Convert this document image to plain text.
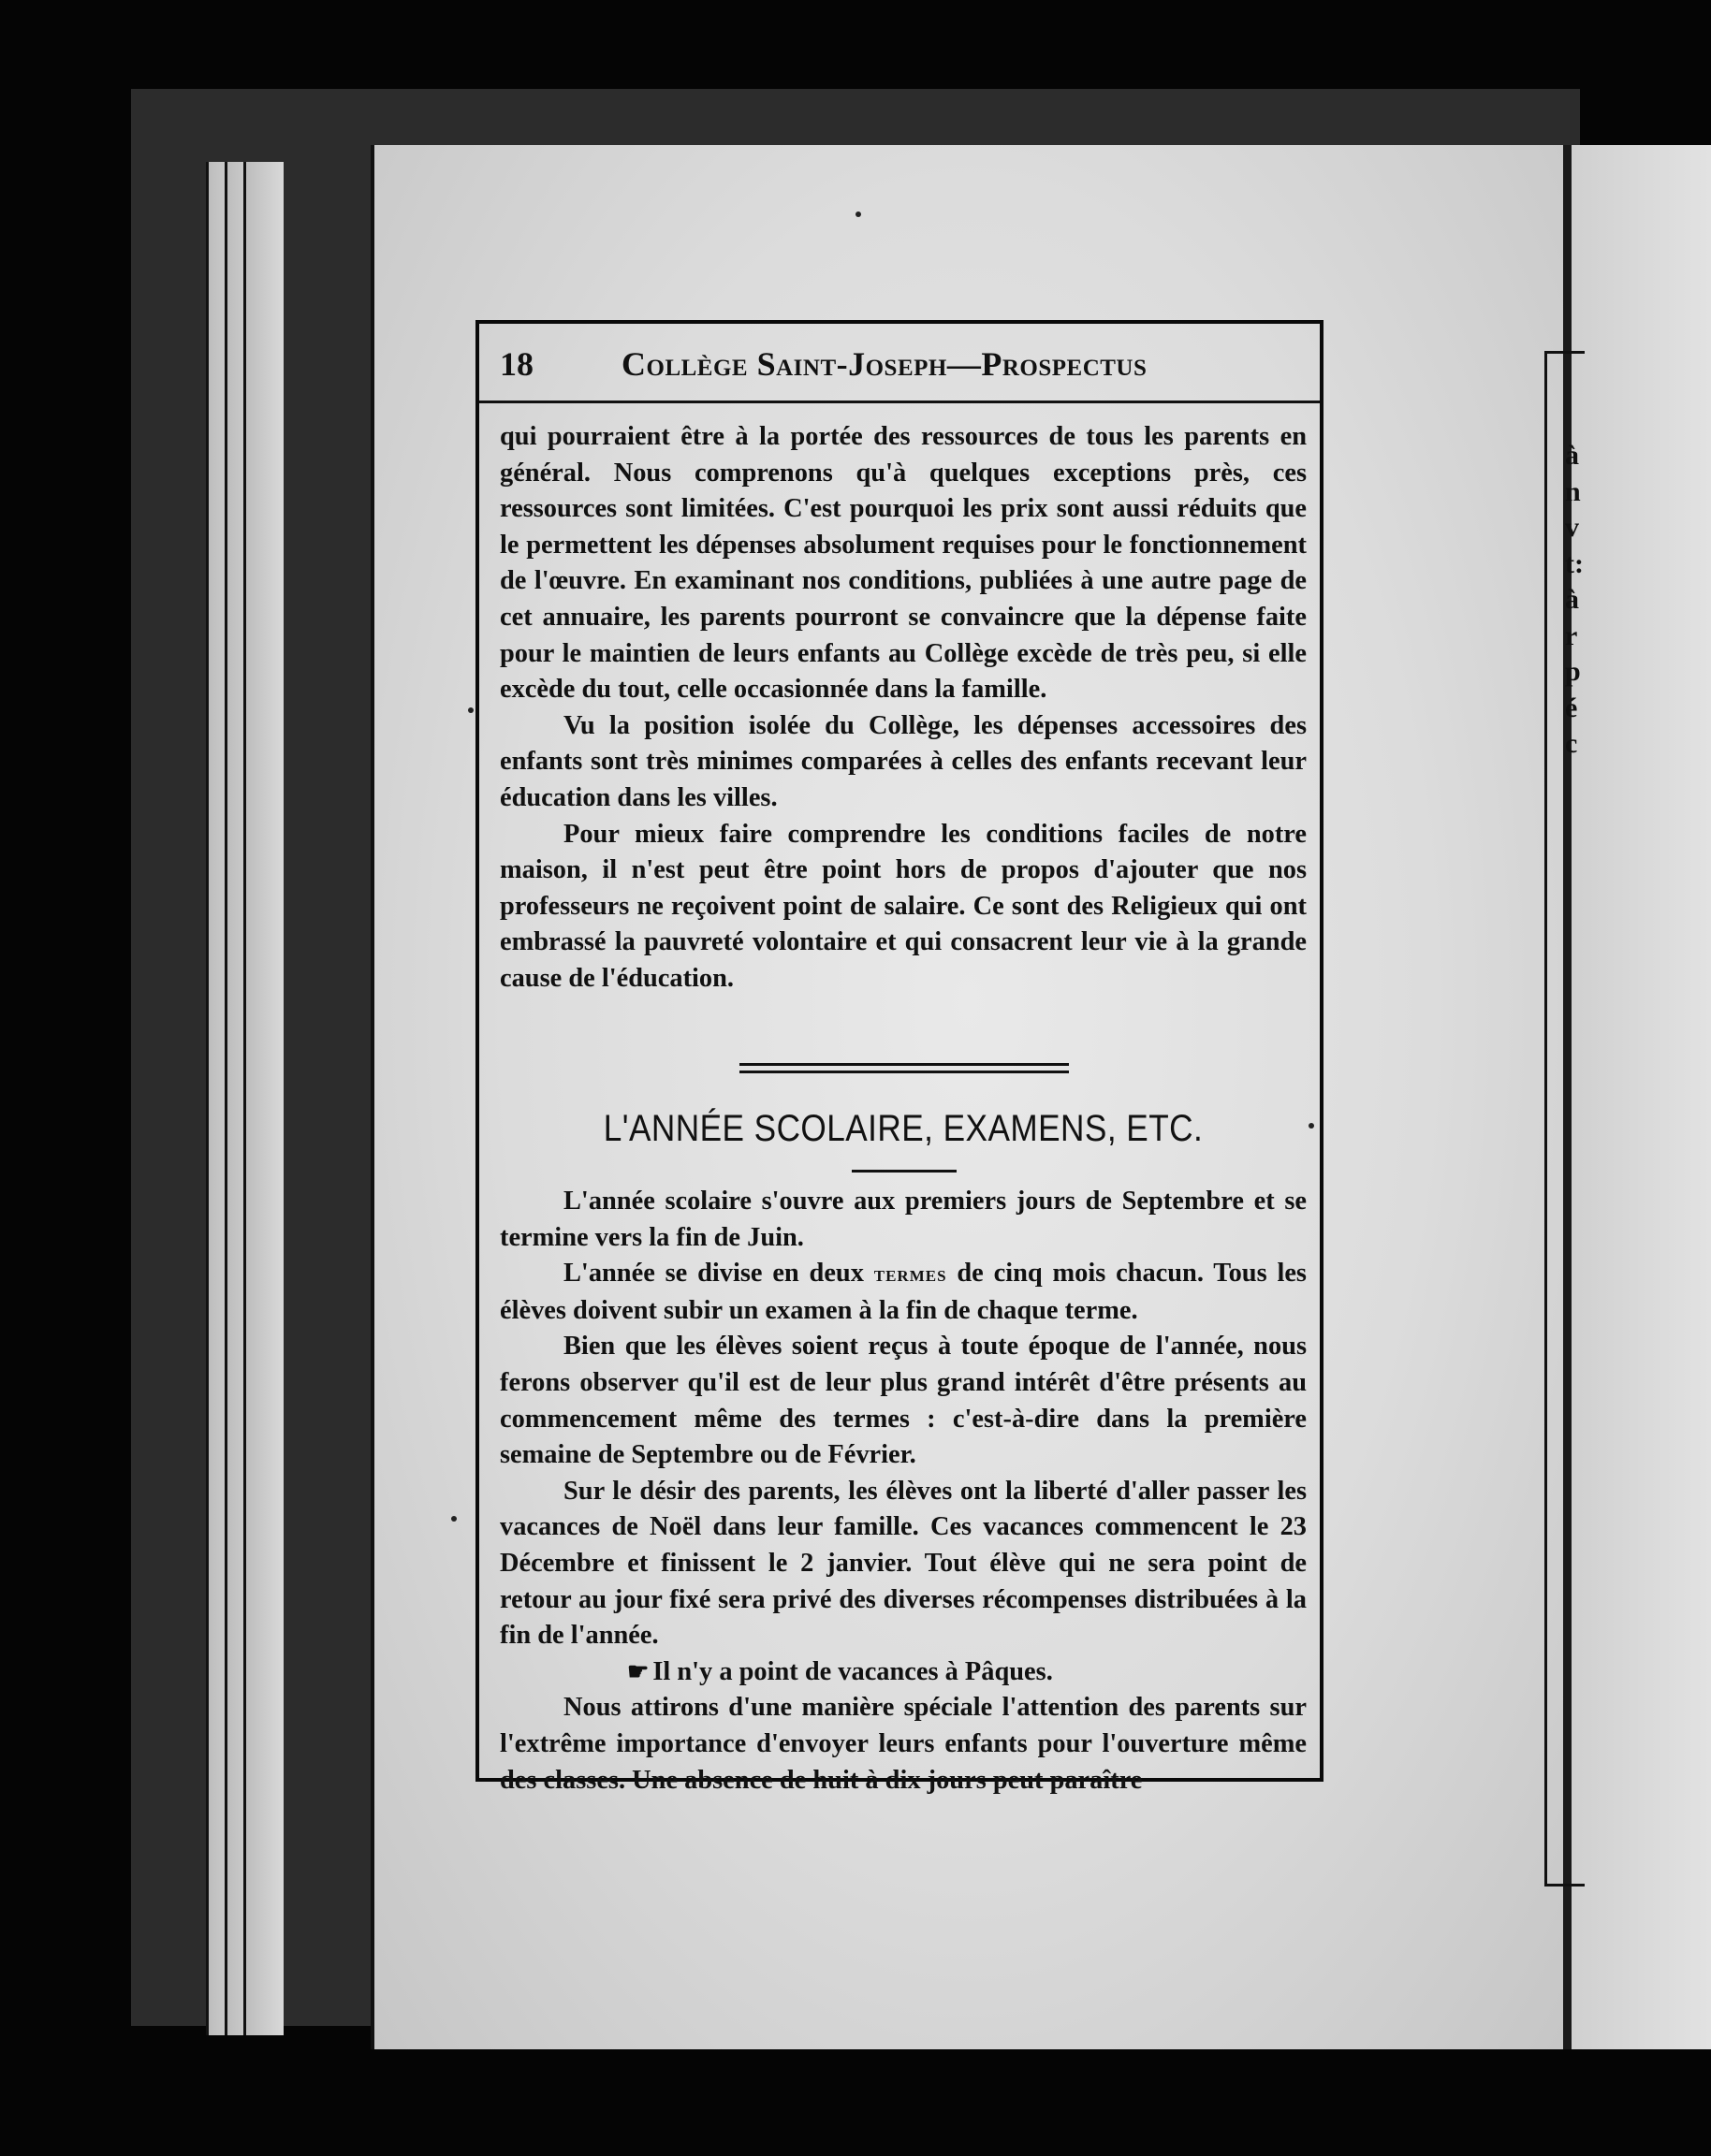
à
n
v
t:
à
r
p
é
c
18	Collège Saint-Joseph—Prospectus

qui pourraient être à la portée des ressources de tous les parents en général. Nous comprenons qu'à quelques exceptions près, ces ressources sont limitées. C'est pourquoi les prix sont aussi réduits que le permettent les dépenses absolument requises pour le fonctionnement de l'œuvre. En examinant nos conditions, publiées à une autre page de cet annuaire, les parents pourront se convaincre que la dépense faite pour le maintien de leurs enfants au Collège excède de très peu, si elle excède du tout, celle occasionnée dans la famille.

Vu la position isolée du Collège, les dépenses accessoires des enfants sont très minimes comparées à celles des enfants recevant leur éducation dans les villes.

Pour mieux faire comprendre les conditions faciles de notre maison, il n'est peut être point hors de propos d'ajouter que nos professeurs ne reçoivent point de salaire. Ce sont des Religieux qui ont embrassé la pauvreté volontaire et qui consacrent leur vie à la grande cause de l'éducation.

L'ANNÉE SCOLAIRE, EXAMENS, ETC.

L'année scolaire s'ouvre aux premiers jours de Septembre et se termine vers la fin de Juin.

L'année se divise en deux termes de cinq mois chacun. Tous les élèves doivent subir un examen à la fin de chaque terme.

Bien que les élèves soient reçus à toute époque de l'année, nous ferons observer qu'il est de leur plus grand intérêt d'être présents au commencement même des termes : c'est-à-dire dans la première semaine de Septembre ou de Février.

Sur le désir des parents, les élèves ont la liberté d'aller passer les vacances de Noël dans leur famille. Ces vacances commencent le 23 Décembre et finissent le 2 janvier. Tout élève qui ne sera point de retour au jour fixé sera privé des diverses récompenses distribuées à la fin de l'année.

☛ Il n'y a point de vacances à Pâques.

Nous attirons d'une manière spéciale l'attention des parents sur l'extrême importance d'envoyer leurs enfants pour l'ouverture même des classes. Une absence de huit à dix jours peut paraître
